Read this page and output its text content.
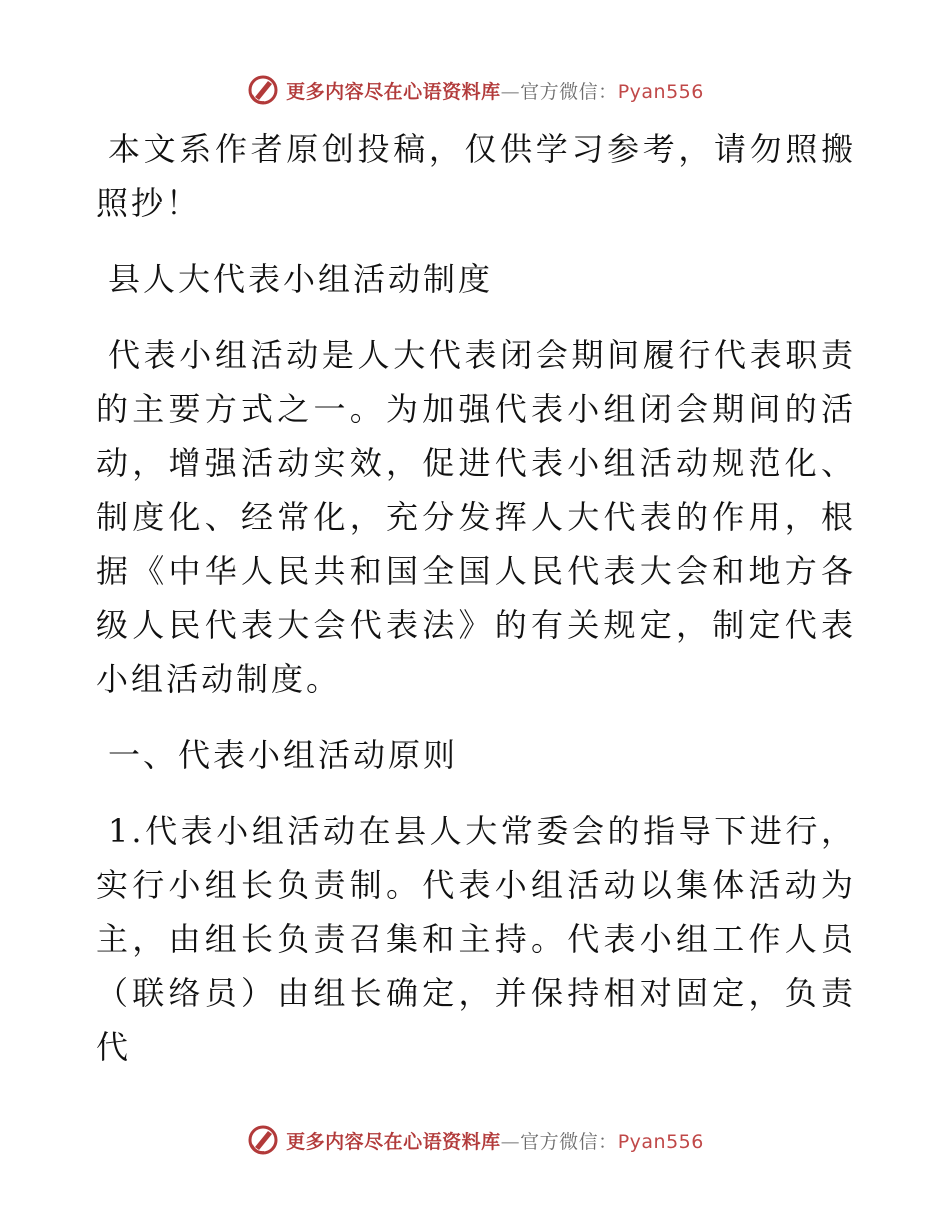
更多内容尽在心语资料库—官方微信：Pyan556

本文系作者原创投稿，仅供学习参考，请勿照搬照抄！

县人大代表小组活动制度

代表小组活动是人大代表闭会期间履行代表职责的主要方式之一。为加强代表小组闭会期间的活动，增强活动实效，促进代表小组活动规范化、制度化、经常化，充分发挥人大代表的作用，根据《中华人民共和国全国人民代表大会和地方各级人民代表大会代表法》的有关规定，制定代表小组活动制度。

一、代表小组活动原则

1.代表小组活动在县人大常委会的指导下进行，实行小组长负责制。代表小组活动以集体活动为主，由组长负责召集和主持。代表小组工作人员（联络员）由组长确定，并保持相对固定，负责代

更多内容尽在心语资料库—官方微信：Pyan556
